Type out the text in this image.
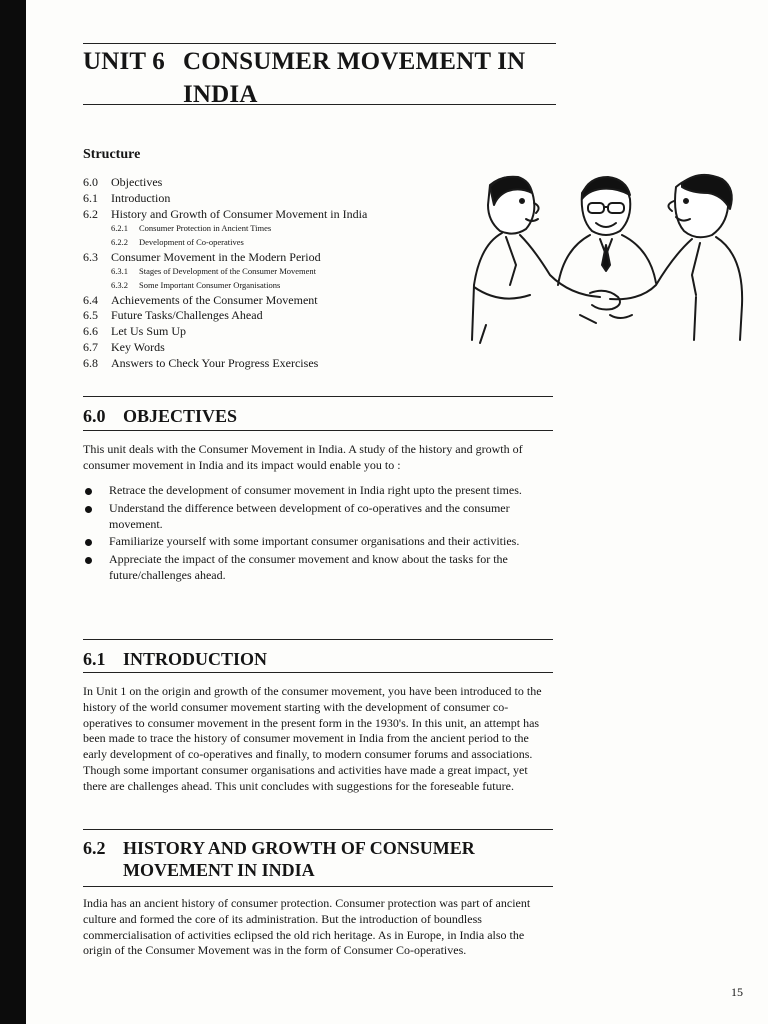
UNIT 6 CONSUMER MOVEMENT IN
INDIA
Structure
6.0 Objectives
6.1 Introduction
6.2 History and Growth of Consumer Movement in India
6.2.1 Consumer Protection in Ancient Times
6.2.2 Development of Co-operatives
6.3 Consumer Movement in the Modern Period
6.3.1 Stages of Development of the Consumer Movement
6.3.2 Some Important Consumer Organisations
6.4 Achievements of the Consumer Movement
6.5 Future Tasks/Challenges Ahead
6.6 Let Us Sum Up
6.7 Key Words
6.8 Answers to Check Your Progress Exercises
6.0 OBJECTIVES
This unit deals with the Consumer Movement in India. A study of the history and growth of consumer movement in India and its impact would enable you to :
Retrace the development of consumer movement in India right upto the present times.
Understand the difference between development of co-operatives and the consumer movement.
Familiarize yourself with some important consumer organisations and their activities.
Appreciate the impact of the consumer movement and know about the tasks for the future/challenges ahead.
6.1 INTRODUCTION
In Unit 1 on the origin and growth of the consumer movement, you have been introduced to the history of the world consumer movement starting with the development of consumer co-operatives to consumer movement in the present form in the 1930's. In this unit, an attempt has been made to trace the history of consumer movement in India from the ancient period to the early development of co-operatives and finally, to modern consumer forums and associations. Though some important consumer organisations and activities have made a great impact, yet there are challenges ahead. This unit concludes with suggestions for the foreseable future.
6.2 HISTORY AND GROWTH OF CONSUMER
MOVEMENT IN INDIA
India has an ancient history of consumer protection. Consumer protection was part of ancient culture and formed the core of its administration. But the introduction of boundless commercialisation of activities eclipsed the old rich heritage. As in Europe, in India also the origin of the Consumer Movement was in the form of Consumer Co-operatives.
15
